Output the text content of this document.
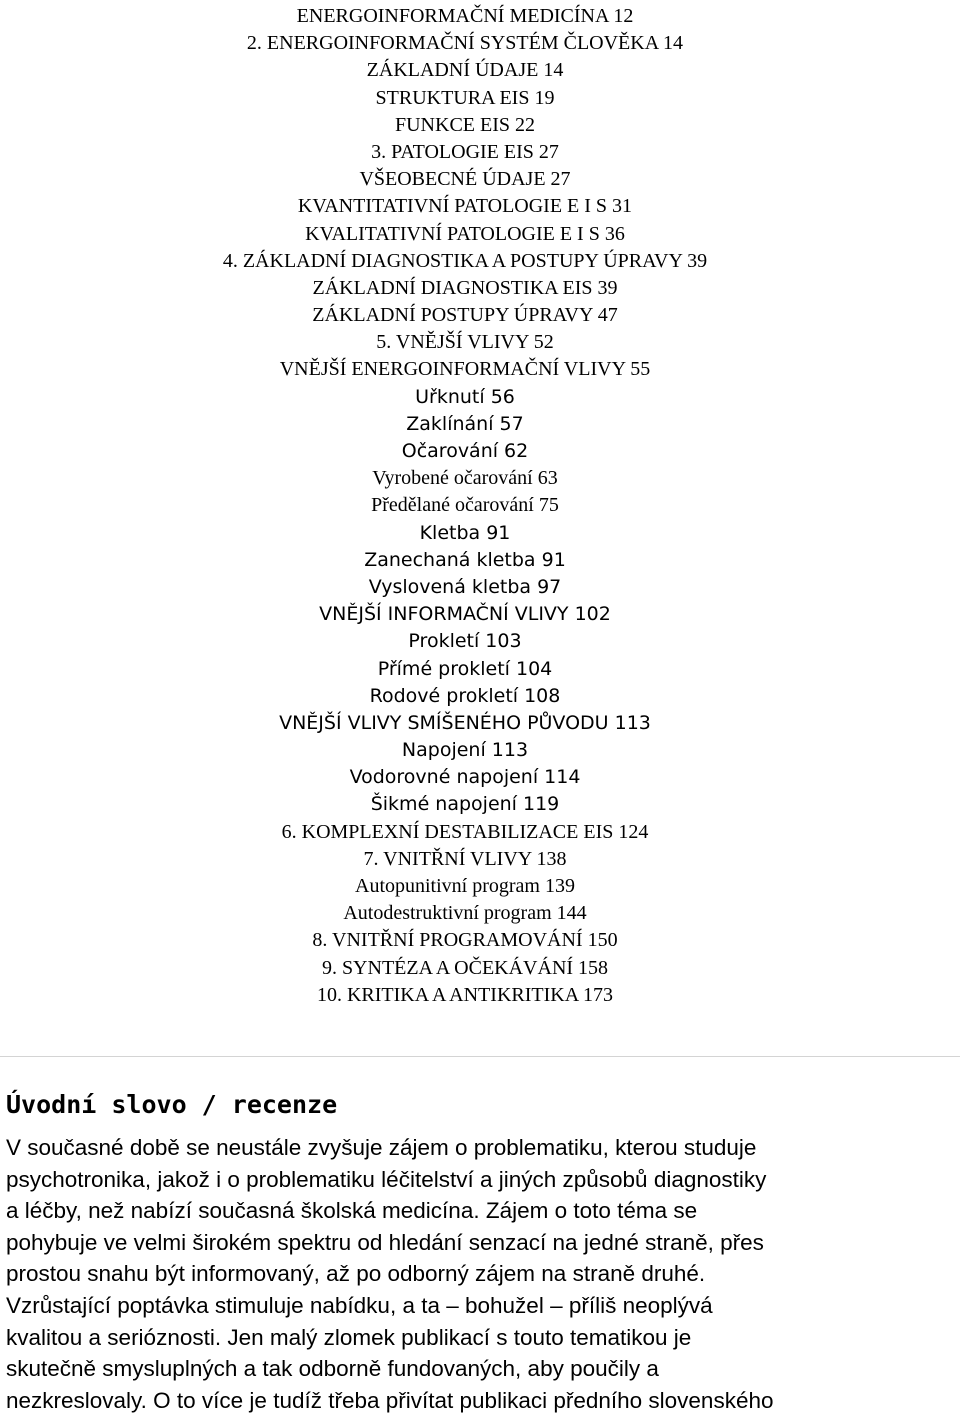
ENERGOINFORMAČNÍ MEDICÍNA 12
2. ENERGOINFORMAČNÍ SYSTÉM ČLOVĚKA 14
ZÁKLADNÍ ÚDAJE 14
STRUKTURA EIS 19
FUNKCE EIS 22
3. PATOLOGIE EIS 27
VŠEOBECNÉ ÚDAJE 27
KVANTITATIVNÍ PATOLOGIE E I S 31
KVALITATIVNÍ PATOLOGIE E I S 36
4. ZÁKLADNÍ DIAGNOSTIKA A POSTUPY ÚPRAVY 39
ZÁKLADNÍ DIAGNOSTIKA EIS 39
ZÁKLADNÍ POSTUPY ÚPRAVY 47
5. VNĚJŠÍ VLIVY 52
VNĚJŠÍ ENERGOINFORMAČNÍ VLIVY 55
Uřknutí 56
Zaklínání 57
Očarování 62
Vyrobené očarování 63
Předělané očarování 75
Kletba 91
Zanechaná kletba 91
Vyslovená kletba 97
VNĚJŠÍ INFORMAČNÍ VLIVY 102
Prokletí 103
Přímé prokletí 104
Rodové prokletí 108
VNĚJŠÍ VLIVY SMÍŠENÉHO PŮVODU 113
Napojení 113
Vodorovné napojení 114
Šikmé napojení 119
6. KOMPLEXNÍ DESTABILIZACE EIS 124
7. VNITŘNÍ VLIVY 138
Autopunitivní program 139
Autodestruktivní program 144
8. VNITŘNÍ PROGRAMOVÁNÍ 150
9. SYNTÉZA A OČEKÁVÁNÍ 158
10. KRITIKA A ANTIKRITIKA 173
Úvodní slovo / recenze
V současné době se neustále zvyšuje zájem o problematiku, kterou studuje
psychotronika, jakož i o problematiku léčitelství a jiných způsobů diagnostiky
a léčby, než nabízí současná školská medicína. Zájem o toto téma se
pohybuje ve velmi širokém spektru od hledání senzací na jedné straně, přes
prostou snahu být informovaný, až po odborný zájem na straně druhé.
Vzrůstající poptávka stimuluje nabídku, a ta – bohužel – příliš neoplývá
kvalitou a serióznosti. Jen malý zlomek publikací s touto tematikou je
skutečně smysluplných a tak odborně fundovaných, aby poučily a
nezkreslovaly. O to více je tudíž třeba přivítat publikaci předního slovenského
